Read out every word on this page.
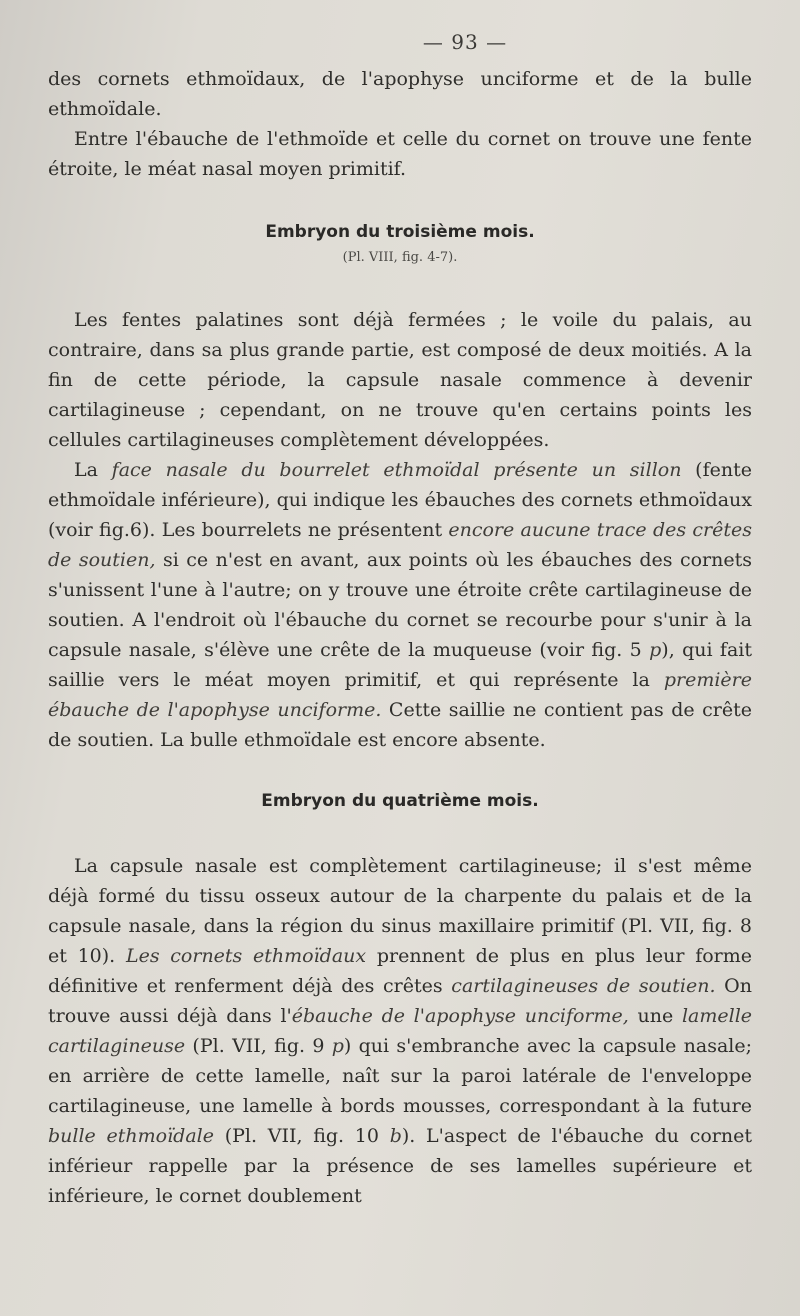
— 93 —

des cornets ethmoïdaux, de l'apophyse unciforme et de la bulle ethmoïdale.

Entre l'ébauche de l'ethmoïde et celle du cornet on trouve une fente étroite, le méat nasal moyen primitif.

Embryon du troisième mois.
(Pl. VIII, fig. 4-7).

Les fentes palatines sont déjà fermées ; le voile du palais, au contraire, dans sa plus grande partie, est composé de deux moitiés. A la fin de cette période, la capsule nasale commence à devenir cartilagineuse ; cependant, on ne trouve qu'en certains points les cellules cartilagineuses complètement développées.

La face nasale du bourrelet ethmoïdal présente un sillon (fente ethmoïdale inférieure), qui indique les ébauches des cornets ethmoïdaux (voir fig.6). Les bourrelets ne présentent encore aucune trace des crêtes de soutien, si ce n'est en avant, aux points où les ébauches des cornets s'unissent l'une à l'autre; on y trouve une étroite crête cartilagineuse de soutien. A l'endroit où l'ébauche du cornet se recourbe pour s'unir à la capsule nasale, s'élève une crête de la muqueuse (voir fig. 5 p), qui fait saillie vers le méat moyen primitif, et qui représente la première ébauche de l'apophyse unciforme. Cette saillie ne contient pas de crête de soutien. La bulle ethmoïdale est encore absente.

Embryon du quatrième mois.

La capsule nasale est complètement cartilagineuse; il s'est même déjà formé du tissu osseux autour de la charpente du palais et de la capsule nasale, dans la région du sinus maxillaire primitif (Pl. VII, fig. 8 et 10). Les cornets ethmoïdaux prennent de plus en plus leur forme définitive et renferment déjà des crêtes cartilagineuses de soutien. On trouve aussi déjà dans l'ébauche de l'apophyse unciforme, une lamelle cartilagineuse (Pl. VII, fig. 9 p) qui s'embranche avec la capsule nasale; en arrière de cette lamelle, naît sur la paroi latérale de l'enveloppe cartilagineuse, une lamelle à bords mousses, correspondant à la future bulle ethmoïdale (Pl. VII, fig. 10 b). L'aspect de l'ébauche du cornet inférieur rappelle par la présence de ses lamelles supérieure et inférieure, le cornet doublement
